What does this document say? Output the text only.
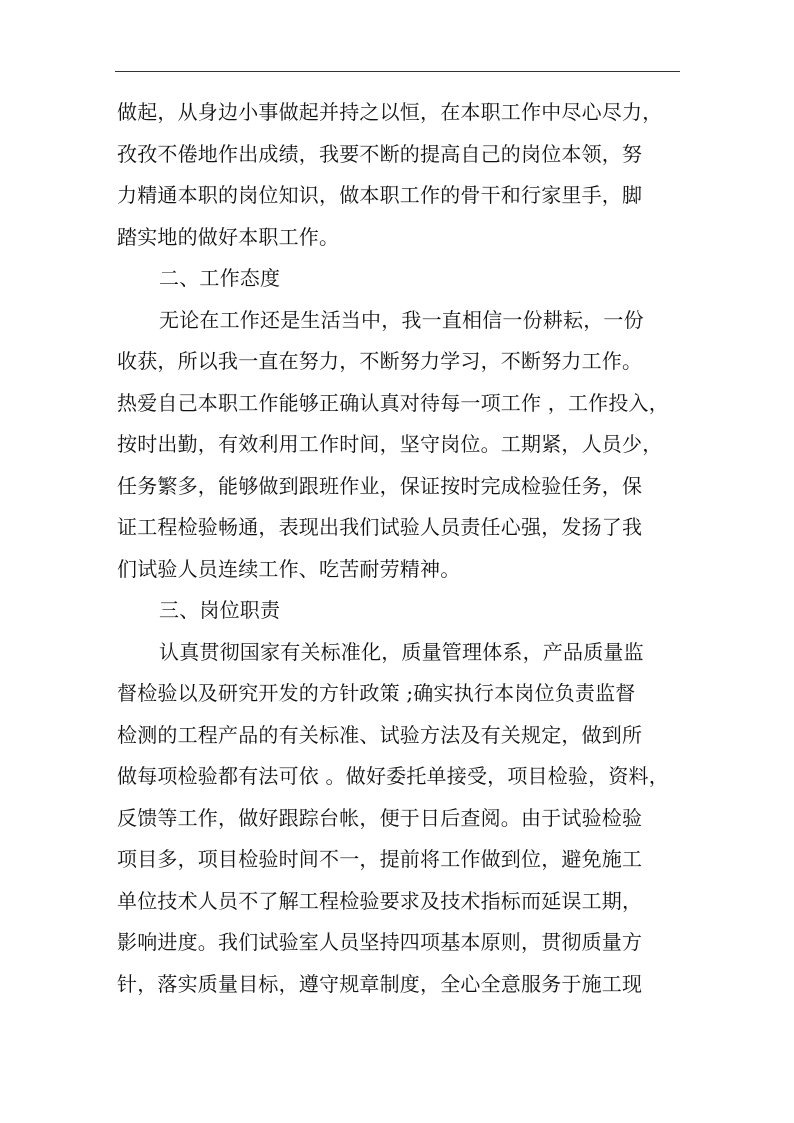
做起，从身边小事做起并持之以恒，在本职工作中尽心尽力，
孜孜不倦地作出成绩，我要不断的提高自己的岗位本领，努
力精通本职的岗位知识，做本职工作的骨干和行家里手，脚
踏实地的做好本职工作。
二、工作态度
无论在工作还是生活当中，我一直相信一份耕耘，一份
收获，所以我一直在努力，不断努力学习，不断努力工作。
热爱自己本职工作能够正确认真对待每一项工作 ，工作投入，
按时出勤，有效利用工作时间，坚守岗位。工期紧，人员少，
任务繁多，能够做到跟班作业，保证按时完成检验任务，保
证工程检验畅通，表现出我们试验人员责任心强，发扬了我
们试验人员连续工作、吃苦耐劳精神。
三、岗位职责
认真贯彻国家有关标准化，质量管理体系，产品质量监
督检验以及研究开发的方针政策 ;确实执行本岗位负责监督
检测的工程产品的有关标准、试验方法及有关规定，做到所
做每项检验都有法可依 。做好委托单接受，项目检验，资料，
反馈等工作，做好跟踪台帐，便于日后查阅。由于试验检验
项目多，项目检验时间不一，提前将工作做到位，避免施工
单位技术人员不了解工程检验要求及技术指标而延误工期，
影响进度。我们试验室人员坚持四项基本原则，贯彻质量方
针，落实质量目标，遵守规章制度，全心全意服务于施工现
